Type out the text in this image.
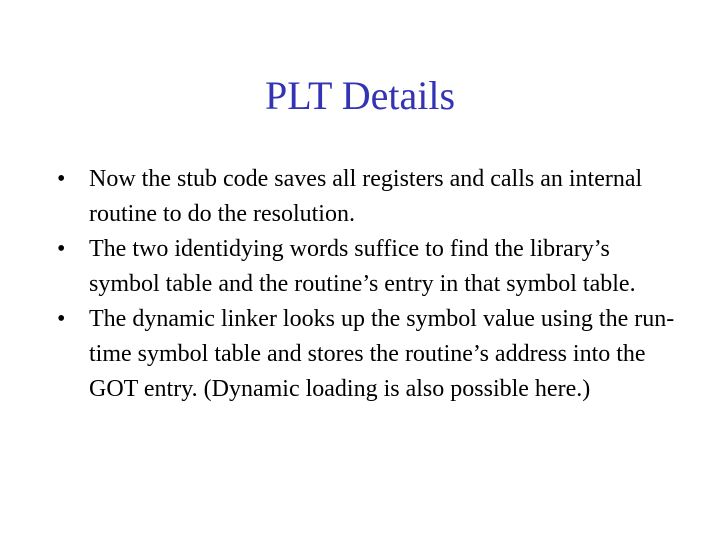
PLT Details
• Now the stub code saves all registers and calls an internal routine to do the resolution.
• The two identidying words suffice to find the library’s symbol table and the routine’s entry in that symbol table.
• The dynamic linker looks up the symbol value using the run-time symbol table and stores the routine’s address into the GOT entry. (Dynamic loading is also possible here.)
